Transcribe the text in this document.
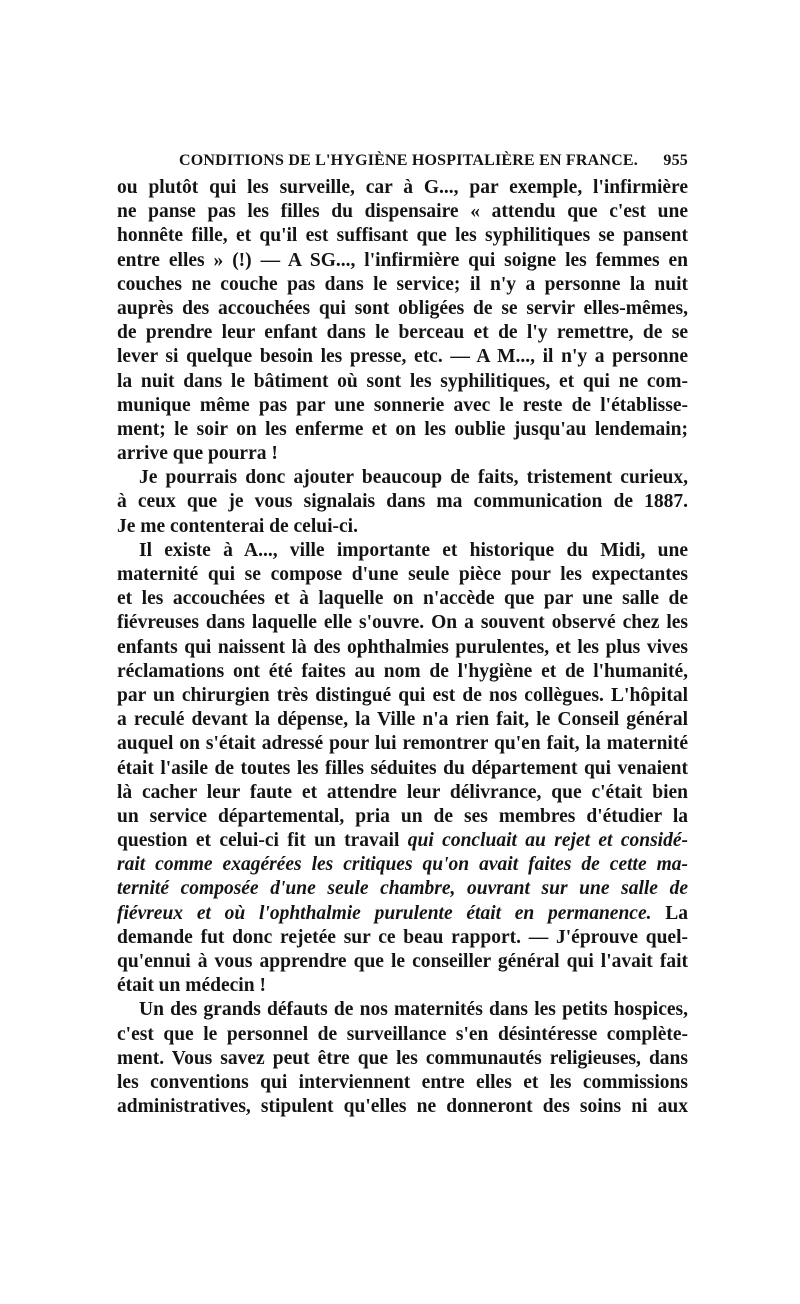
CONDITIONS DE L'HYGIÈNE HOSPITALIÈRE EN FRANCE. 955
ou plutôt qui les surveille, car à G..., par exemple, l'infirmière
ne panse pas les filles du dispensaire « attendu que c'est une
honnête fille, et qu'il est suffisant que les syphilitiques se pansent
entre elles » (!) — A SG..., l'infirmière qui soigne les femmes en
couches ne couche pas dans le service; il n'y a personne la nuit
auprès des accouchées qui sont obligées de se servir elles-mêmes,
de prendre leur enfant dans le berceau et de l'y remettre, de se
lever si quelque besoin les presse, etc. — A M..., il n'y a personne
la nuit dans le bâtiment où sont les syphilitiques, et qui ne com-
munique même pas par une sonnerie avec le reste de l'établisse-
ment; le soir on les enferme et on les oublie jusqu'au lendemain;
arrive que pourra !
Je pourrais donc ajouter beaucoup de faits, tristement curieux,
à ceux que je vous signalais dans ma communication de 1887.
Je me contenterai de celui-ci.
Il existe à A..., ville importante et historique du Midi, une
maternité qui se compose d'une seule pièce pour les expectantes
et les accouchées et à laquelle on n'accède que par une salle de
fiévreuses dans laquelle elle s'ouvre. On a souvent observé chez les
enfants qui naissent là des ophthalmies purulentes, et les plus vives
réclamations ont été faites au nom de l'hygiène et de l'humanité,
par un chirurgien très distingué qui est de nos collègues. L'hôpital
a reculé devant la dépense, la Ville n'a rien fait, le Conseil général
auquel on s'était adressé pour lui remontrer qu'en fait, la maternité
était l'asile de toutes les filles séduites du département qui venaient
là cacher leur faute et attendre leur délivrance, que c'était bien
un service départemental, pria un de ses membres d'étudier la
question et celui-ci fit un travail qui concluait au rejet et considé-
rait comme exagérées les critiques qu'on avait faites de cette ma-
ternité composée d'une seule chambre, ouvrant sur une salle de
fiévreux et où l'ophthalmie purulente était en permanence. La
demande fut donc rejetée sur ce beau rapport. — J'éprouve quel-
qu'ennui à vous apprendre que le conseiller général qui l'avait fait
était un médecin !
Un des grands défauts de nos maternités dans les petits hospices,
c'est que le personnel de surveillance s'en désintéresse complète-
ment. Vous savez peut être que les communautés religieuses, dans
les conventions qui interviennent entre elles et les commissions
administratives, stipulent qu'elles ne donneront des soins ni aux
